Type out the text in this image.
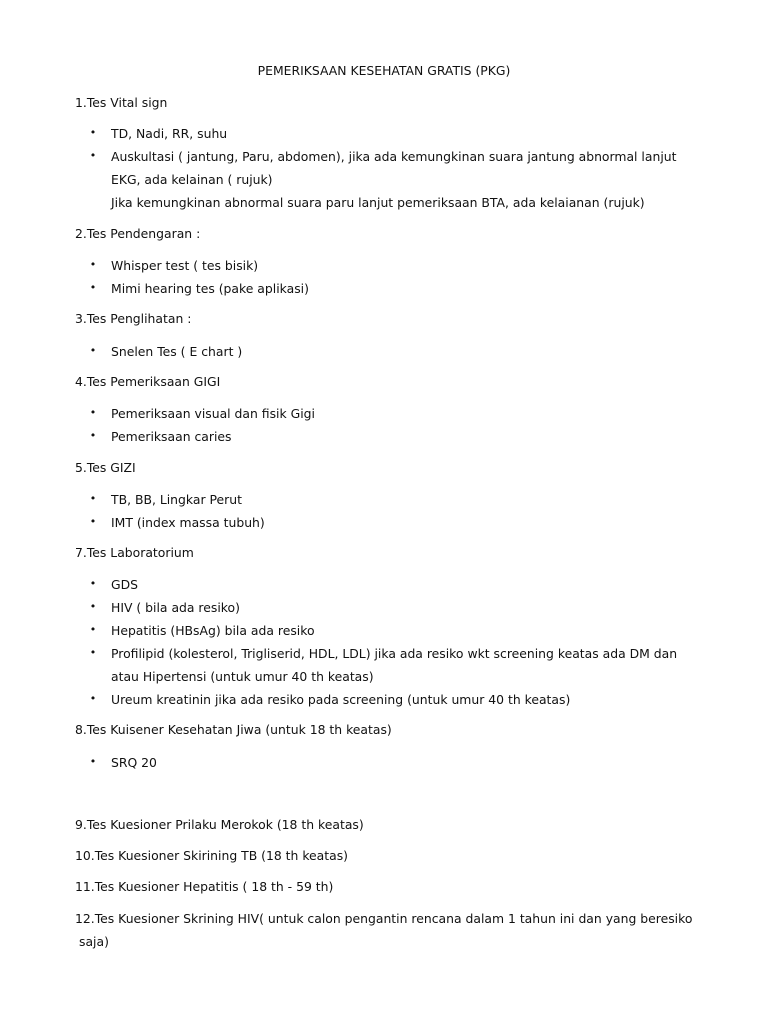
PEMERIKSAAN KESEHATAN GRATIS (PKG)
1.Tes Vital sign
• TD, Nadi, RR, suhu
• Auskultasi ( jantung, Paru, abdomen), jika ada kemungkinan suara jantung abnormal lanjut
EKG, ada kelainan ( rujuk)
Jika kemungkinan abnormal suara paru lanjut pemeriksaan BTA, ada kelaianan (rujuk)
2.Tes Pendengaran :
• Whisper test ( tes bisik)
• Mimi hearing tes (pake aplikasi)
3.Tes Penglihatan :
• Snelen Tes ( E chart )
4.Tes Pemeriksaan GIGI
• Pemeriksaan visual dan fisik Gigi
• Pemeriksaan caries
5.Tes GIZI
• TB, BB, Lingkar Perut
• IMT (index massa tubuh)
7.Tes Laboratorium
• GDS
• HIV ( bila ada resiko)
• Hepatitis (HBsAg) bila ada resiko
• Profilipid (kolesterol, Trigliserid, HDL, LDL) jika ada resiko wkt screening keatas ada DM dan
atau Hipertensi (untuk umur 40 th keatas)
• Ureum kreatinin jika ada resiko pada screening (untuk umur 40 th keatas)
8.Tes Kuisener Kesehatan Jiwa (untuk 18 th keatas)
• SRQ 20
9.Tes Kuesioner Prilaku Merokok (18 th keatas)
10.Tes Kuesioner Skirining TB (18 th keatas)
11.Tes Kuesioner Hepatitis ( 18 th - 59 th)
12.Tes Kuesioner Skrining HIV( untuk calon pengantin rencana dalam 1 tahun ini dan yang beresiko
saja)
